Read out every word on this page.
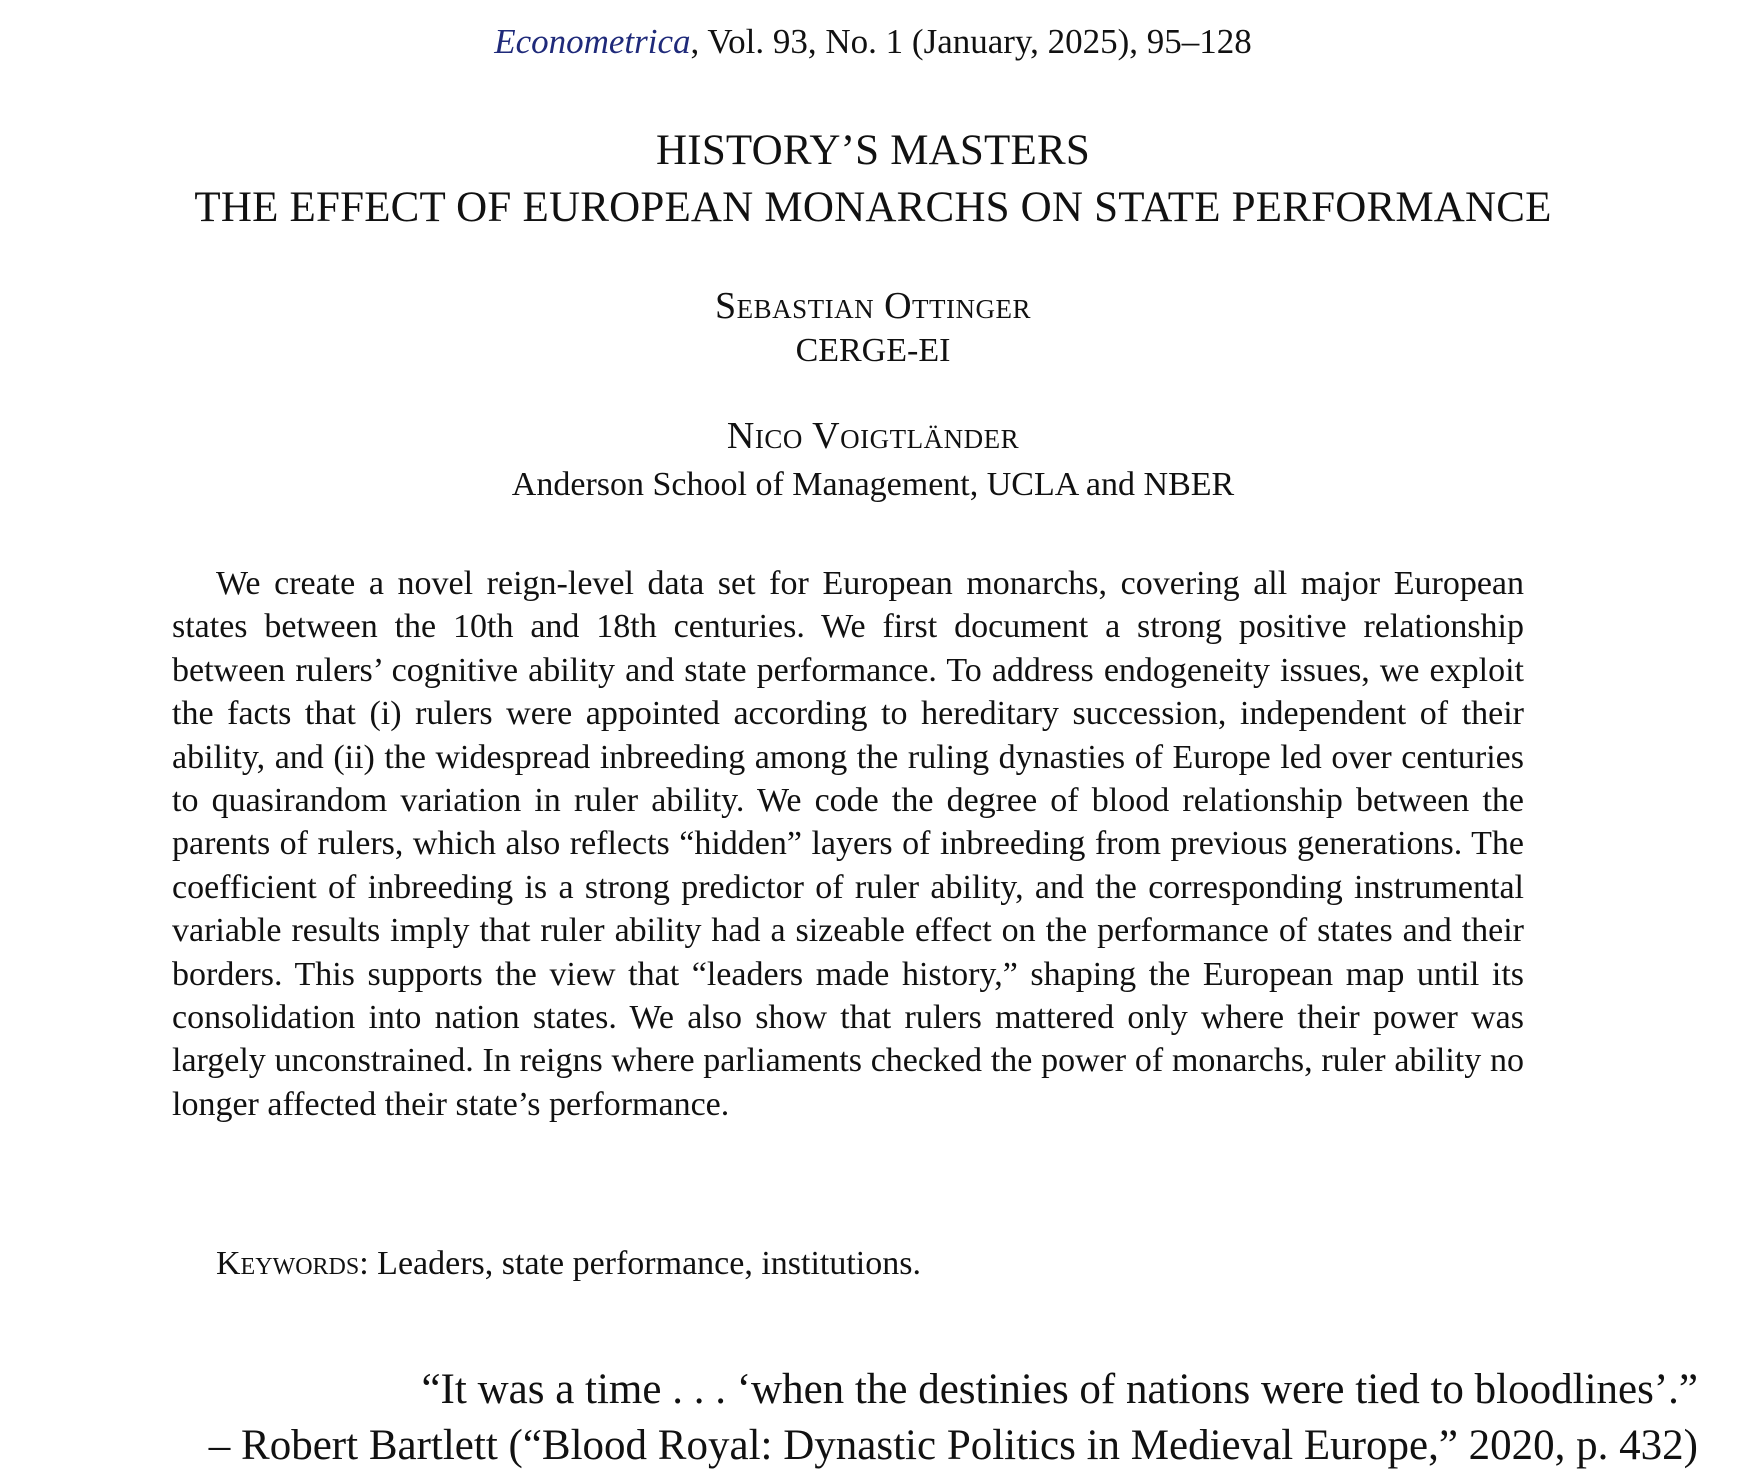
Econometrica, Vol. 93, No. 1 (January, 2025), 95–128
HISTORY’S MASTERS
THE EFFECT OF EUROPEAN MONARCHS ON STATE PERFORMANCE
Sebastian Ottinger
CERGE-EI
Nico Voigtländer
Anderson School of Management, UCLA and NBER
We create a novel reign-level data set for European monarchs, covering all major European states between the 10th and 18th centuries. We first document a strong positive relationship between rulers’ cognitive ability and state performance. To address endogeneity issues, we exploit the facts that (i) rulers were appointed according to hereditary succession, independent of their ability, and (ii) the widespread inbreeding among the ruling dynasties of Europe led over centuries to quasirandom variation in ruler ability. We code the degree of blood relationship between the parents of rulers, which also reflects “hidden” layers of inbreeding from previous generations. The coefficient of inbreeding is a strong predictor of ruler ability, and the corresponding instrumental variable results imply that ruler ability had a sizeable effect on the performance of states and their borders. This supports the view that “leaders made history,” shaping the European map until its consolidation into nation states. We also show that rulers mattered only where their power was largely unconstrained. In reigns where parliaments checked the power of monarchs, ruler ability no longer affected their state’s performance.
Keywords: Leaders, state performance, institutions.
“It was a time . . . ‘when the destinies of nations were tied to bloodlines’.”
– Robert Bartlett (“Blood Royal: Dynastic Politics in Medieval Europe,” 2020, p. 432)
